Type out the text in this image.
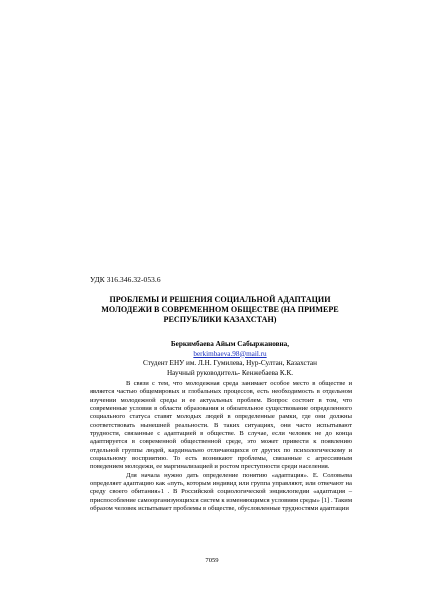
УДК 316.346.32-053.6
ПРОБЛЕМЫ И РЕШЕНИЯ СОЦИАЛЬНОЙ АДАПТАЦИИ МОЛОДЕЖИ В СОВРЕМЕННОМ ОБЩЕСТВЕ (НА ПРИМЕРЕ РЕСПУБЛИКИ КАЗАХСТАН)
Беркимбаева Айым Сабыржановна,
berkimbaeva.98@mail.ru
Студент ЕНУ им. Л.Н. Гумилева, Нур-Султан, Казахстан
Научный руководитель- Кенжебаева К.К.

В связи с тем, что молодежная среда занимает особое место в обществе и является частью общемировых и глобальных процессов, есть необходимость в отдельном изучении молодежной среды и ее актуальных проблем. Вопрос состоит в том, что современные условия в области образования и обязательное существование определенного социального статуса ставят молодых людей в определенные рамки, где они должны соответствовать нынешней реальности. В таких ситуациях, они часто испытывают трудности, связанные с адаптацией в обществе. В случае, если человек не до конца адаптируется в современной общественной среде, это может привести к появлению отдельной группы людей, кардинально отличающихся от других по психологическому и социальному восприятию. То есть возникают проблемы, связанные с агрессивным поведением молодежи, ее маргинализацией и ростом преступности среди населения.

Для начала нужно дать определение понятию «адаптация». Е. Соловьева определяет адаптацию как «путь, которым индивид или группа управляют, или отвечают на среду своего обитания»1 . В Российской социологической энциклопедии «адаптация – приспособление самоорганизующихся систем к изменяющимся условиям среды» [1] . Таким образом человек испытывает проблемы в обществе, обусловленные трудностями адаптации

7059
